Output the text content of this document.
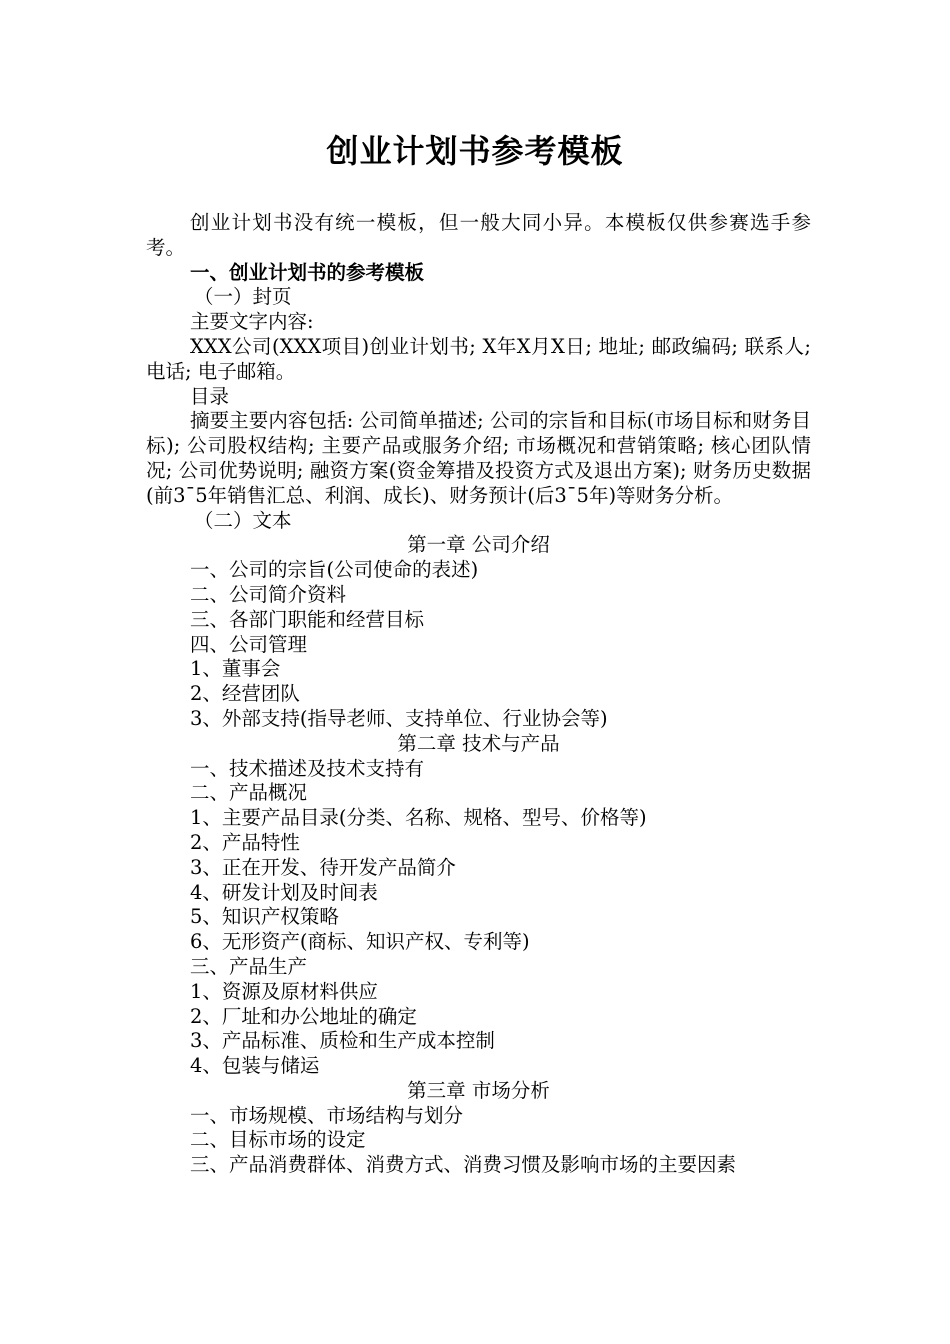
创业计划书参考模板

创业计划书没有统一模板，但一般大同小异。本模板仅供参赛选手参考。

一、创业计划书的参考模板

（一）封页

主要文字内容:

XXX公司(XXX项目)创业计划书; X年X月X日; 地址; 邮政编码; 联系人; 电话; 电子邮箱。

目录

摘要主要内容包括: 公司简单描述; 公司的宗旨和目标(市场目标和财务目标); 公司股权结构; 主要产品或服务介绍; 市场概况和营销策略; 核心团队情况; 公司优势说明; 融资方案(资金筹措及投资方式及退出方案); 财务历史数据(前3¯5年销售汇总、利润、成长)、财务预计(后3¯5年)等财务分析。

（二）文本

第一章 公司介绍

一、公司的宗旨(公司使命的表述)

二、公司简介资料

三、各部门职能和经营目标

四、公司管理

1、董事会

2、经营团队

3、外部支持(指导老师、支持单位、行业协会等)

第二章 技术与产品

一、技术描述及技术支持有

二、产品概况

1、主要产品目录(分类、名称、规格、型号、价格等)

2、产品特性

3、正在开发、待开发产品简介

4、研发计划及时间表

5、知识产权策略

6、无形资产(商标、知识产权、专利等)

三、产品生产

1、资源及原材料供应

2、厂址和办公地址的确定

3、产品标准、质检和生产成本控制

4、包装与储运

第三章 市场分析

一、市场规模、市场结构与划分

二、目标市场的设定

三、产品消费群体、消费方式、消费习惯及影响市场的主要因素
